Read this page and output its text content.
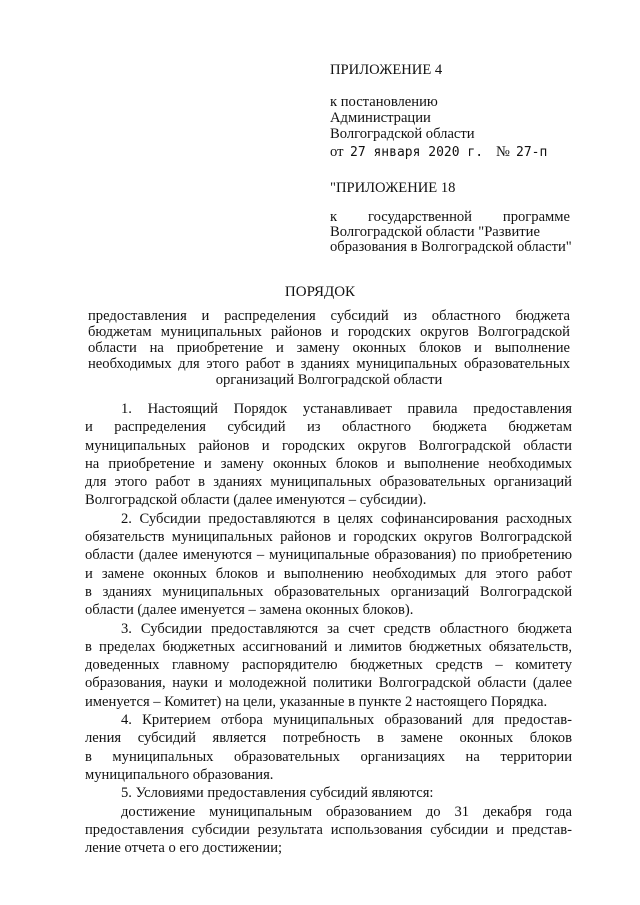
ПРИЛОЖЕНИЕ 4
к постановлению
Администрации
Волгоградской области
от 27 января 2020 г. № 27-п
"ПРИЛОЖЕНИЕ 18
к государственной программе
Волгоградской области "Развитие
образования в Волгоградской области"
ПОРЯДОК
предоставления и распределения субсидий из областного бюджета
бюджетам муниципальных районов и городских округов Волгоградской
области на приобретение и замену оконных блоков и выполнение
необходимых для этого работ в зданиях муниципальных образовательных
организаций Волгоградской области
1. Настоящий Порядок устанавливает правила предоставления
и распределения субсидий из областного бюджета бюджетам
муниципальных районов и городских округов Волгоградской области
на приобретение и замену оконных блоков и выполнение необходимых
для этого работ в зданиях муниципальных образовательных организаций
Волгоградской области (далее именуются – субсидии).
2. Субсидии предоставляются в целях софинансирования расходных
обязательств муниципальных районов и городских округов Волгоградской
области (далее именуются – муниципальные образования) по приобретению
и замене оконных блоков и выполнению необходимых для этого работ
в зданиях муниципальных образовательных организаций Волгоградской
области (далее именуется – замена оконных блоков).
3. Субсидии предоставляются за счет средств областного бюджета
в пределах бюджетных ассигнований и лимитов бюджетных обязательств,
доведенных главному распорядителю бюджетных средств – комитету
образования, науки и молодежной политики Волгоградской области (далее
именуется – Комитет) на цели, указанные в пункте 2 настоящего Порядка.
4. Критерием отбора муниципальных образований для предостав-
ления субсидий является потребность в замене оконных блоков
в муниципальных образовательных организациях на территории
муниципального образования.
5. Условиями предоставления субсидий являются:
достижение муниципальным образованием до 31 декабря года
предоставления субсидии результата использования субсидии и представ-
ление отчета о его достижении;
